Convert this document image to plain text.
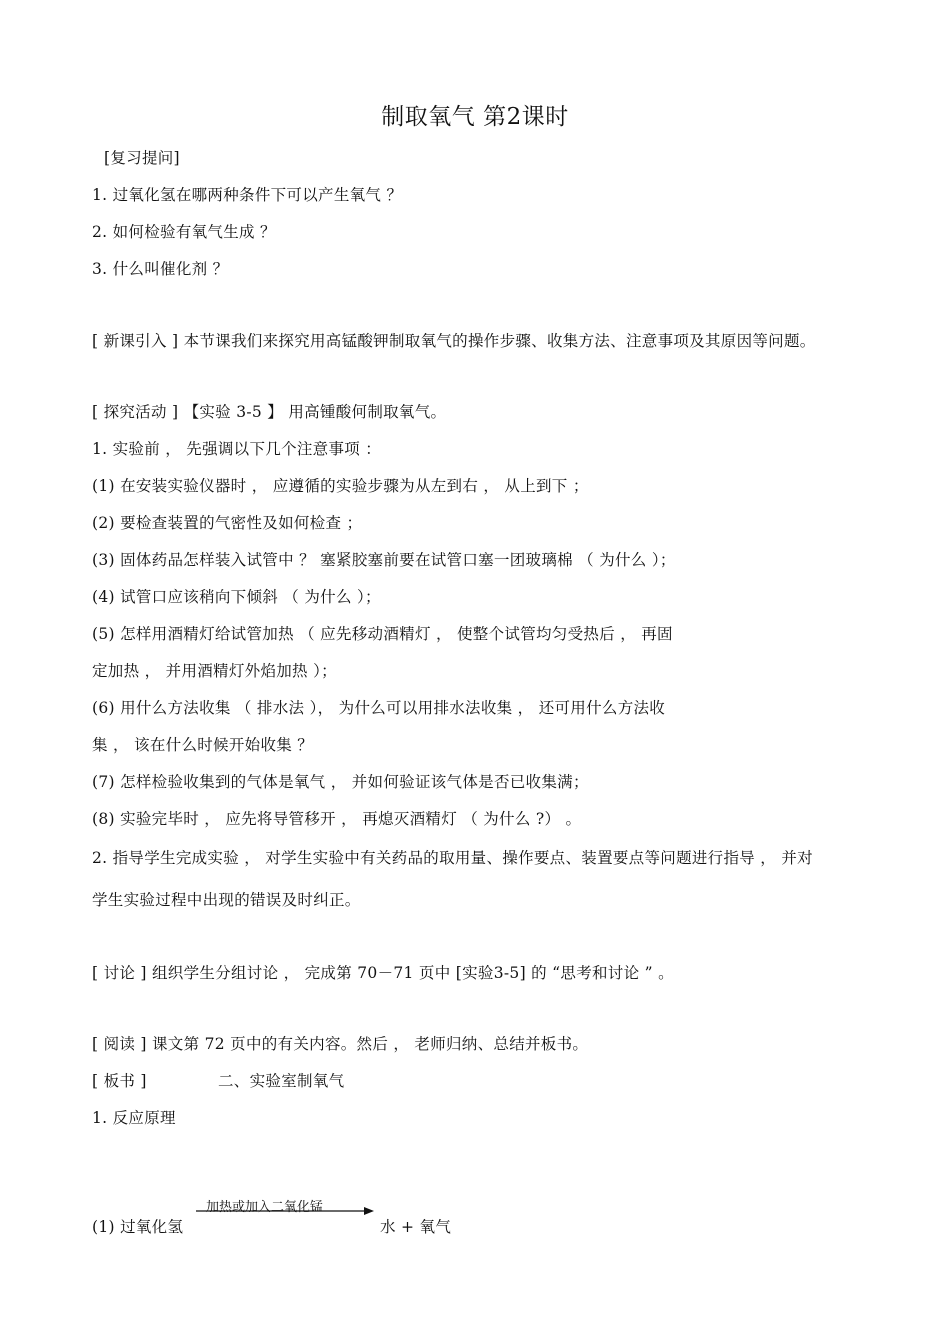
制取氧气 第2课时
[复习提问]
1. 过氧化氢在哪两种条件下可以产生氧气 ？
2. 如何检验有氧气生成 ？
3. 什么叫催化剂 ？
[ 新课引入 ] 本节课我们来探究用高锰酸钾制取氧气的操作步骤、收集方法、注意事项及其原因等问题。
[ 探究活动 ] 【实验 3-5 】 用高锺酸何制取氧气。
1. 实验前 ， 先强调以下几个注意事项 ：
(1) 在安装实验仪器时 ， 应遵循的实验步骤为从左到右 ， 从上到下 ；
(2) 要检查装置的气密性及如何检查 ；
(3) 固体药品怎样装入试管中 ？ 塞紧胶塞前要在试管口塞一团玻璃棉 （ 为什么 ）；
(4) 试管口应该稍向下倾斜 （ 为什么 ）；
(5) 怎样用酒精灯给试管加热 （ 应先移动酒精灯 ， 使整个试管均匀受热后 ， 再固
定加热 ， 并用酒精灯外焰加热 ）；
(6) 用什么方法收集 （ 排水法 ）， 为什么可以用排水法收集 ， 还可用什么方法收
集 ， 该在什么时候开始收集 ？
(7) 怎样检验收集到的气体是氧气 ， 并如何验证该气体是否已收集满；
(8) 实验完毕时 ， 应先将导管移开 ， 再熄灭酒精灯 （ 为什么 ?） 。
2. 指导学生完成实验 ， 对学生实验中有关药品的取用量、操作要点、装置要点等问题进行指导 ， 并对
学生实验过程中出现的错误及时纠正。
[ 讨论 ] 组织学生分组讨论 ， 完成第 70－71 页中 [实验3-5] 的 “思考和讨论 ” 。
[ 阅读 ] 课文第 72 页中的有关内容。然后 ， 老师归纳、总结并板书。
[ 板书 ]	二、实验室制氧气
1. 反应原理
(1) 过氧化氢
加热或加入二氧化锰
水 + 氧气
